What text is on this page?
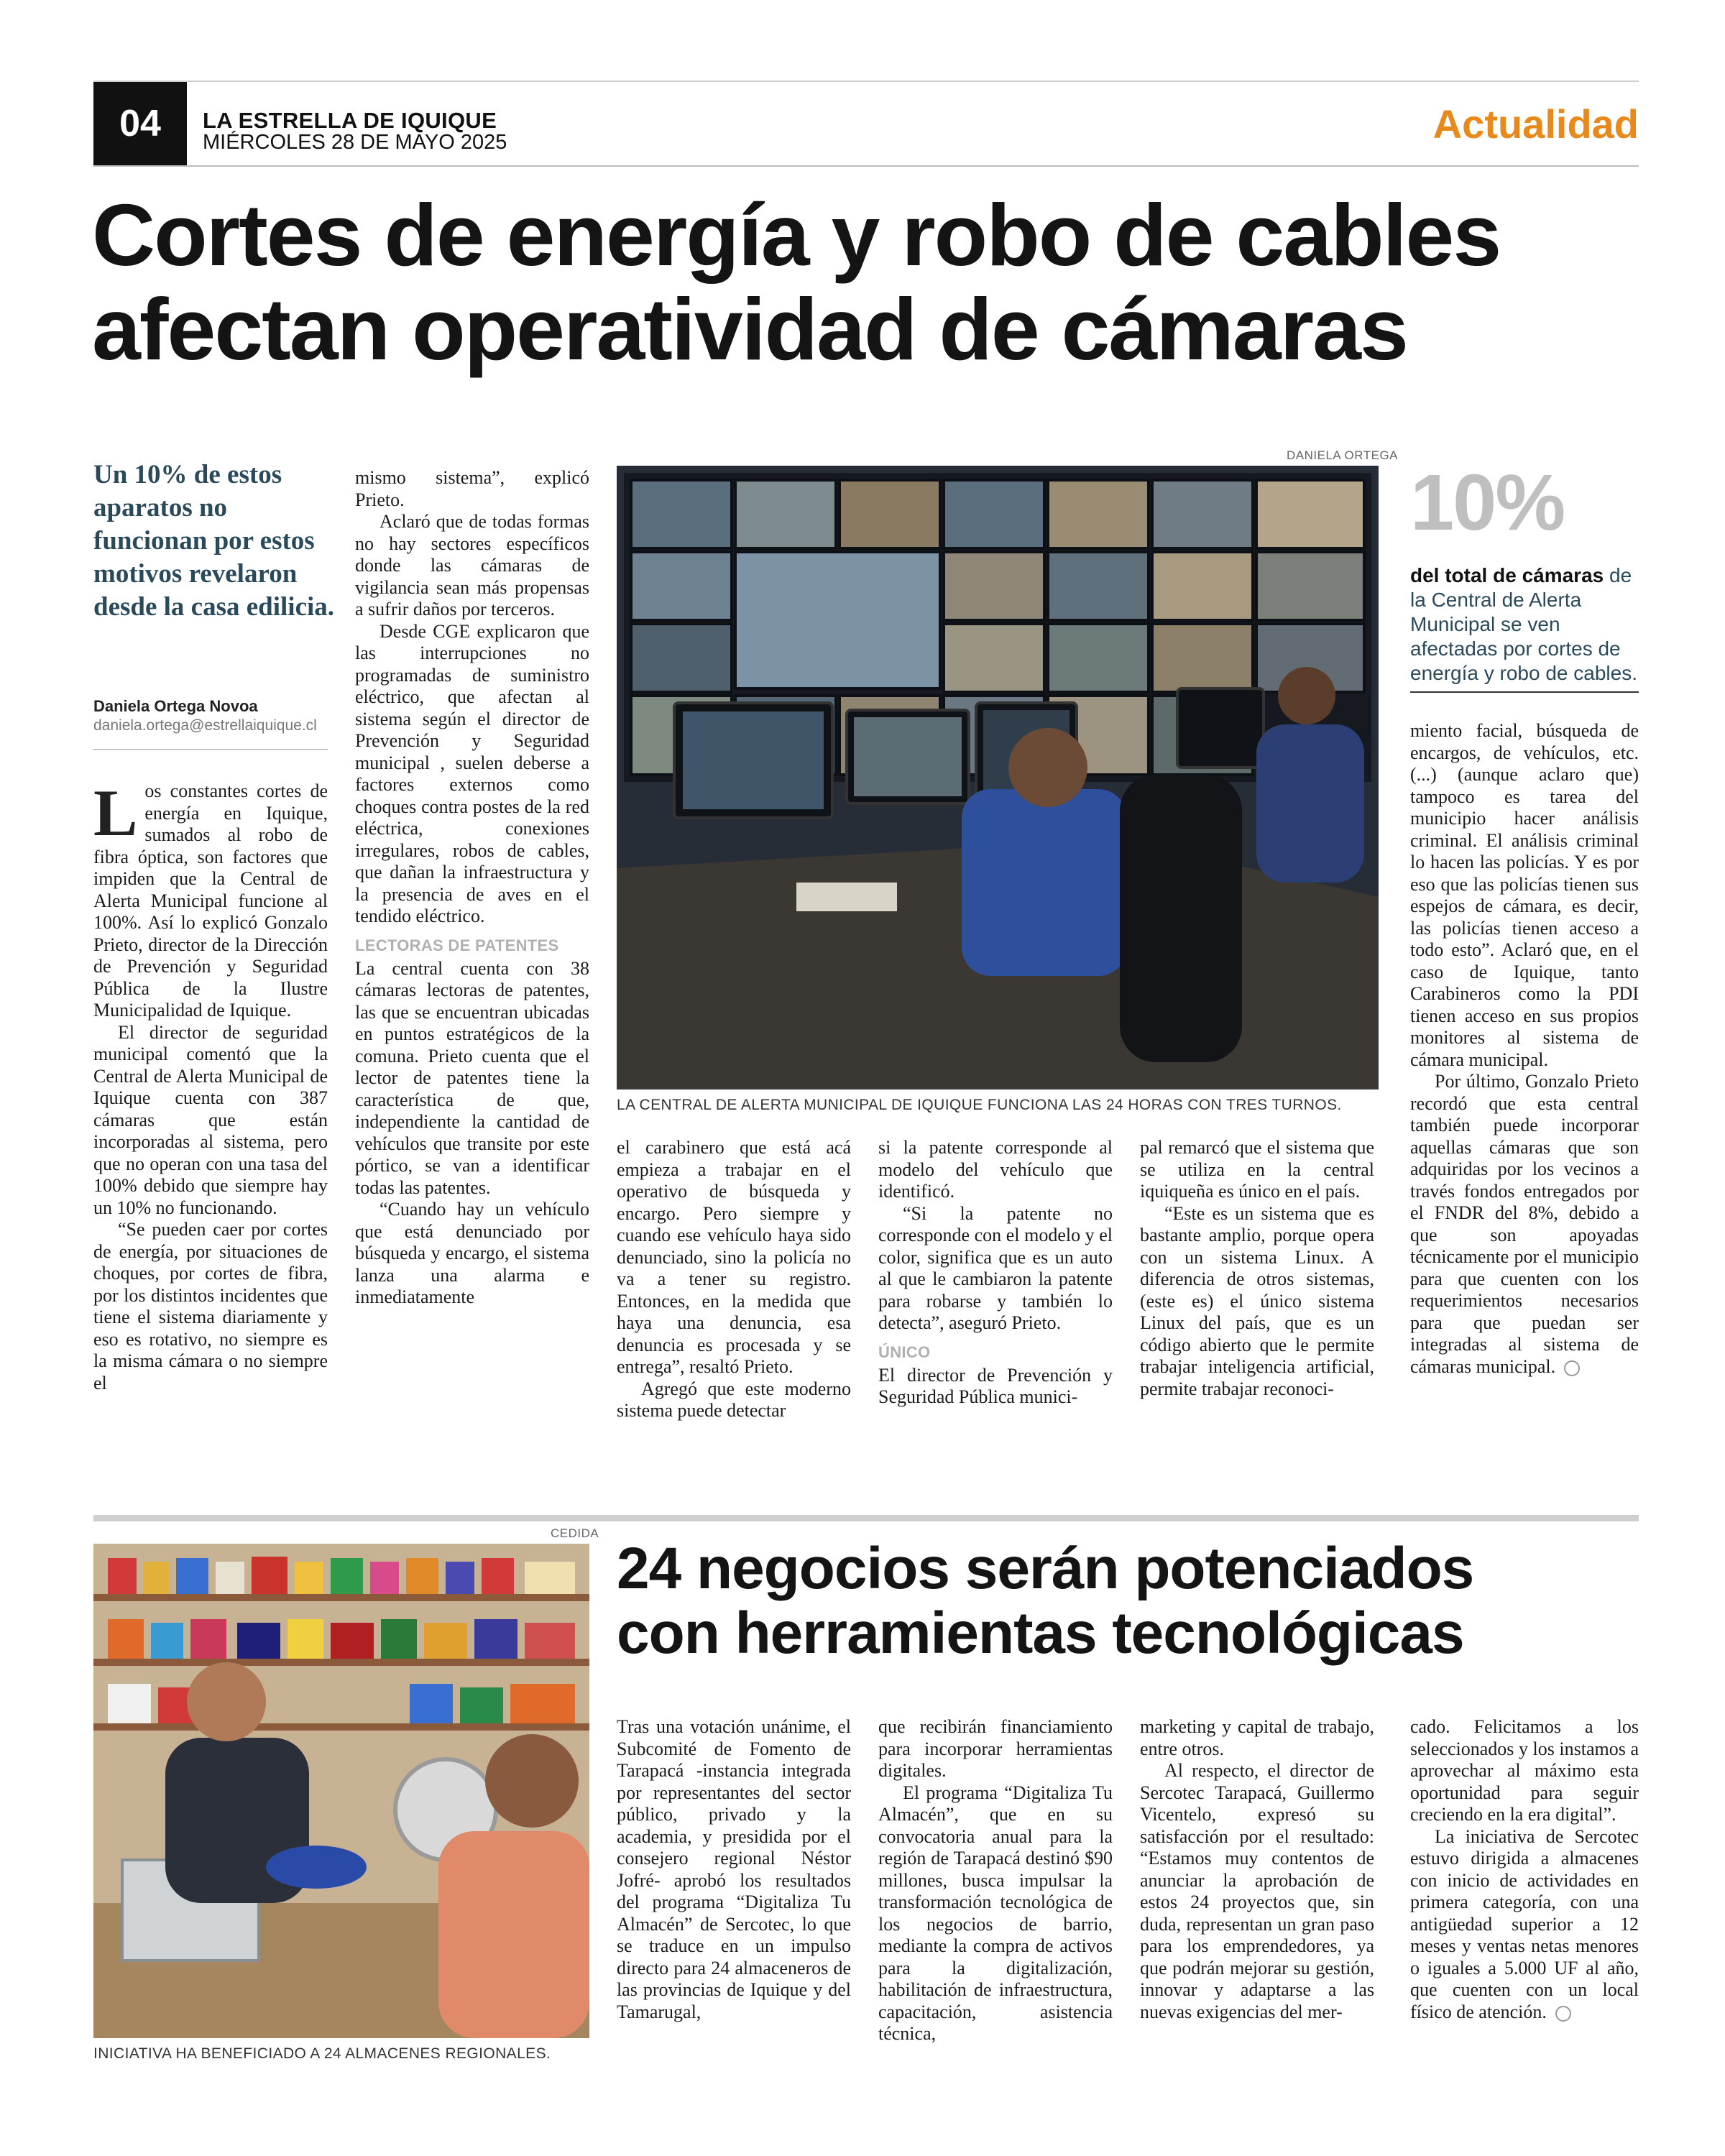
04	LA ESTRELLA DE IQUIQUE
MIÉRCOLES 28 DE MAYO 2025	Actualidad
Cortes de energía y robo de cables
afectan operatividad de cámaras
Un 10% de estos aparatos no funcionan por estos motivos revelaron desde la casa edilicia.
Daniela Ortega Novoa
daniela.ortega@estrellaiquique.cl

Los constantes cortes de energía en Iquique, sumados al robo de fibra óptica, son factores que impiden que la Central de Alerta Municipal funcione al 100%. Así lo explicó Gonzalo Prieto, director de la Dirección de Prevención y Seguridad Pública de la Ilustre Municipalidad de Iquique.

El director de seguridad municipal comentó que la Central de Alerta Municipal de Iquique cuenta con 387 cámaras que están incorporadas al sistema, pero que no operan con una tasa del 100% debido que siempre hay un 10% no funcionando.

“Se pueden caer por cortes de energía, por situaciones de choques, por cortes de fibra, por los distintos incidentes que tiene el sistema diariamente y eso es rotativo, no siempre es la misma cámara o no siempre el

mismo sistema”, explicó Prieto.

Aclaró que de todas formas no hay sectores específicos donde las cámaras de vigilancia sean más propensas a sufrir daños por terceros.

Desde CGE explicaron que las interrupciones no programadas de suministro eléctrico, que afectan al sistema según el director de Prevención y Seguridad municipal , suelen deberse a factores externos como choques contra postes de la red eléctrica, conexiones irregulares, robos de cables, que dañan la infraestructura y la presencia de aves en el tendido eléctrico.

LECTORAS DE PATENTES

La central cuenta con 38 cámaras lectoras de patentes, las que se encuentran ubicadas en puntos estratégicos de la comuna. Prieto cuenta que el lector de patentes tiene la característica de que, independiente la cantidad de vehículos que transite por este pórtico, se van a identificar todas las patentes.

“Cuando hay un vehículo que está denunciado por búsqueda y encargo, el sistema lanza una alarma e inmediatamente

DANIELA ORTEGA
LA CENTRAL DE ALERTA MUNICIPAL DE IQUIQUE FUNCIONA LAS 24 HORAS CON TRES TURNOS.
10%
del total de cámaras de la Central de Alerta Municipal se ven afectadas por cortes de energía y robo de cables.

el carabinero que está acá empieza a trabajar en el operativo de búsqueda y encargo. Pero siempre y cuando ese vehículo haya sido denunciado, sino la policía no va a tener su registro. Entonces, en la medida que haya una denuncia, esa denuncia es procesada y se entrega”, resaltó Prieto.

Agregó que este moderno sistema puede detectar

si la patente corresponde al modelo del vehículo que identificó.

“Si la patente no corresponde con el modelo y el color, significa que es un auto al que le cambiaron la patente para robarse y también lo detecta”, aseguró Prieto.

ÚNICO

El director de Prevención y Seguridad Pública munici-

pal remarcó que el sistema que se utiliza en la central iquiqueña es único en el país.

“Este es un sistema que es bastante amplio, porque opera con un sistema Linux. A diferencia de otros sistemas, (este es) el único sistema Linux del país, que es un código abierto que le permite trabajar inteligencia artificial, permite trabajar reconoci-

miento facial, búsqueda de encargos, de vehículos, etc. (...) (aunque aclaro que) tampoco es tarea del municipio hacer análisis criminal. El análisis criminal lo hacen las policías. Y es por eso que las policías tienen sus espejos de cámara, es decir, las policías tienen acceso a todo esto”. Aclaró que, en el caso de Iquique, tanto Carabineros como la PDI tienen acceso en sus propios monitores al sistema de cámara municipal.

Por último, Gonzalo Prieto recordó que esta central también puede incorporar aquellas cámaras que son adquiridas por los vecinos a través fondos entregados por el FNDR del 8%, debido a que son apoyadas técnicamente por el municipio para que cuenten con los requerimientos necesarios para que puedan ser integradas al sistema de cámaras municipal.

CEDIDA
INICIATIVA HA BENEFICIADO A 24 ALMACENES REGIONALES.
24 negocios serán potenciados
con herramientas tecnológicas

Tras una votación unánime, el Subcomité de Fomento de Tarapacá -instancia integrada por representantes del sector público, privado y la academia, y presidida por el consejero regional Néstor Jofré- aprobó los resultados del programa “Digitaliza Tu Almacén” de Sercotec, lo que se traduce en un impulso directo para 24 almaceneros de las provincias de Iquique y del Tamarugal,

que recibirán financiamiento para incorporar herramientas digitales.

El programa “Digitaliza Tu Almacén”, que en su convocatoria anual para la región de Tarapacá destinó $90 millones, busca impulsar la transformación tecnológica de los negocios de barrio, mediante la compra de activos para la digitalización, habilitación de infraestructura, capacitación, asistencia técnica,

marketing y capital de trabajo, entre otros.

Al respecto, el director de Sercotec Tarapacá, Guillermo Vicentelo, expresó su satisfacción por el resultado: “Estamos muy contentos de anunciar la aprobación de estos 24 proyectos que, sin duda, representan un gran paso para los emprendedores, ya que podrán mejorar su gestión, innovar y adaptarse a las nuevas exigencias del mer-

cado. Felicitamos a los seleccionados y los instamos a aprovechar al máximo esta oportunidad para seguir creciendo en la era digital”.

La iniciativa de Sercotec estuvo dirigida a almacenes con inicio de actividades en primera categoría, con una antigüedad superior a 12 meses y ventas netas menores o iguales a 5.000 UF al año, que cuenten con un local físico de atención.
